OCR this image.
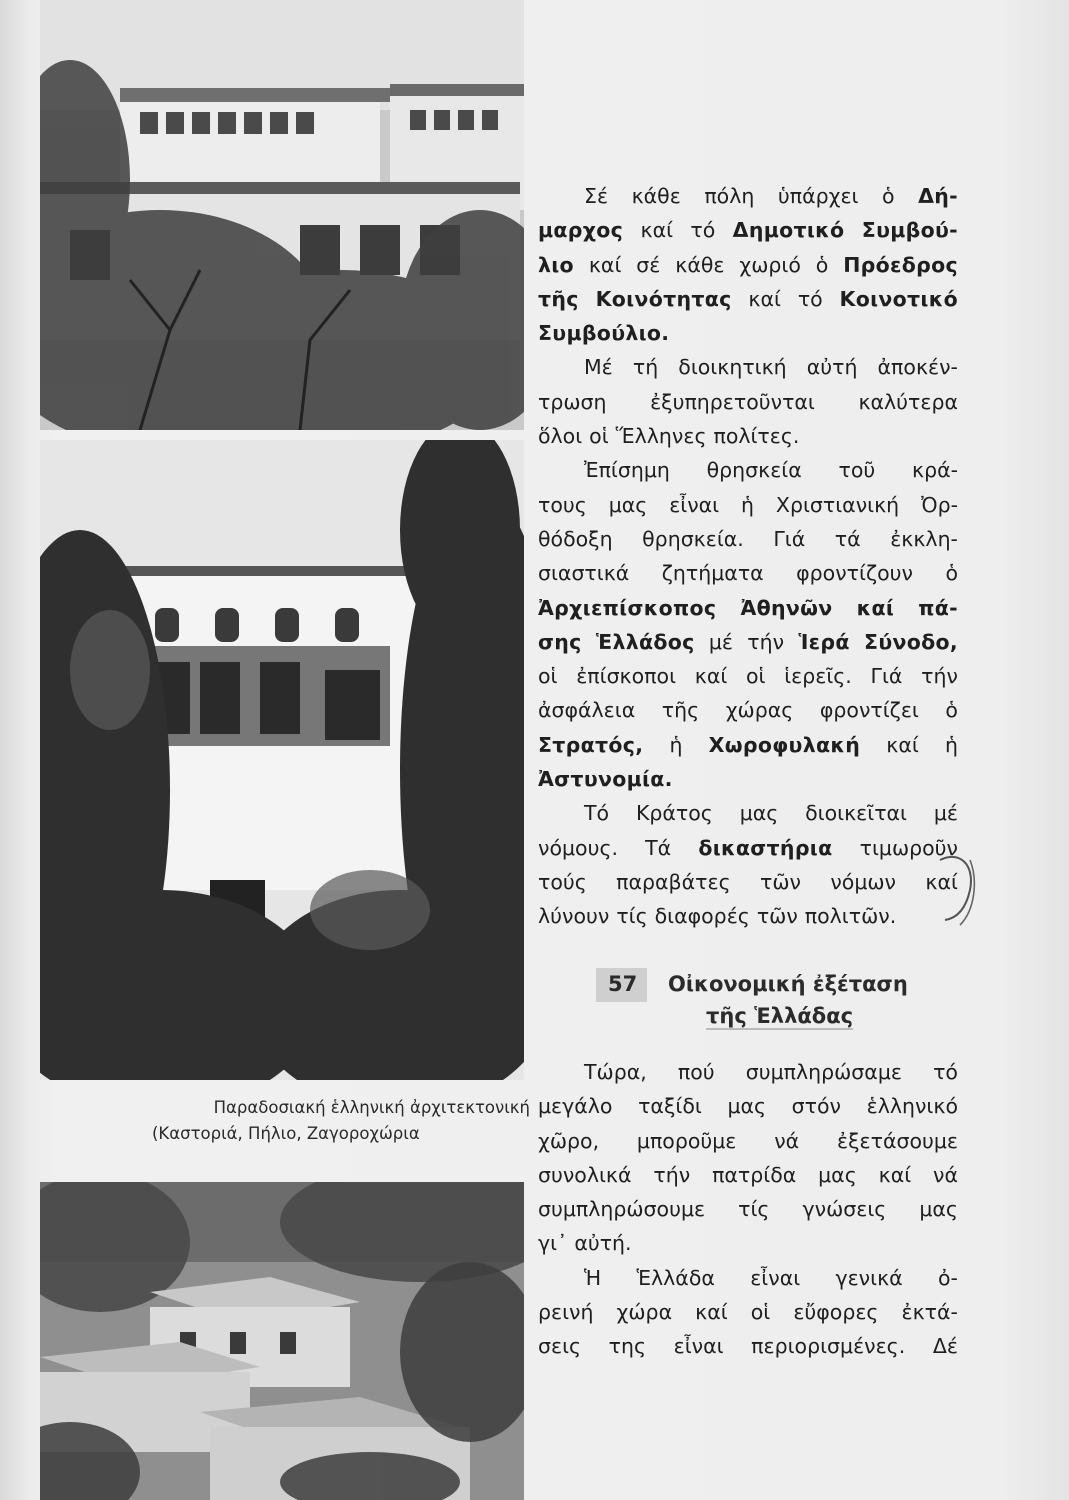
Παραδοσιακή ἑλληνική ἀρχιτεκτονική
(Καστοριά, Πήλιο, Ζαγοροχώρια
Σέ κάθε πόλη ὑπάρχει ὁ Δή-
μαρχος καί τό Δημοτικό Συμβού-
λιο καί σέ κάθε χωριό ὁ Πρόεδρος
τῆς Κοινότητας καί τό Κοινοτικό
Συμβούλιο.
Μέ τή διοικητική αὐτή ἀποκέν-
τρωση ἐξυπηρετοῦνται καλύτερα
ὅλοι οἱ Ἕλληνες πολίτες.
Ἐπίσημη θρησκεία τοῦ κρά-
τους μας εἶναι ἡ Χριστιανική Ὀρ-
θόδοξη θρησκεία. Γιά τά ἐκκλη-
σιαστικά ζητήματα φροντίζουν ὁ
Ἀρχιεπίσκοπος Ἀθηνῶν καί πά-
σης Ἑλλάδος μέ τήν Ἱερά Σύνοδο,
οἱ ἐπίσκοποι καί οἱ ἱερεῖς. Γιά τήν
ἀσφάλεια τῆς χώρας φροντίζει ὁ
Στρατός, ἡ Χωροφυλακή καί ἡ
Ἀστυνομία.
Τό Κράτος μας διοικεῖται μέ
νόμους. Τά δικαστήρια τιμωροῦν
τούς παραβάτες τῶν νόμων καί
λύνουν τίς διαφορές τῶν πολιτῶν.
57	Οἰκονομική ἐξέταση
τῆς Ἑλλάδας
Τώρα, πού συμπληρώσαμε τό
μεγάλο ταξίδι μας στόν ἑλληνικό
χῶρο, μποροῦμε νά ἐξετάσουμε
συνολικά τήν πατρίδα μας καί νά
συμπληρώσουμε τίς γνώσεις μας
γι᾽ αὐτή.
Ἡ Ἑλλάδα εἶναι γενικά ὀ-
ρεινή χώρα καί οἱ εὔφορες ἐκτά-
σεις της εἶναι περιορισμένες. Δέ
